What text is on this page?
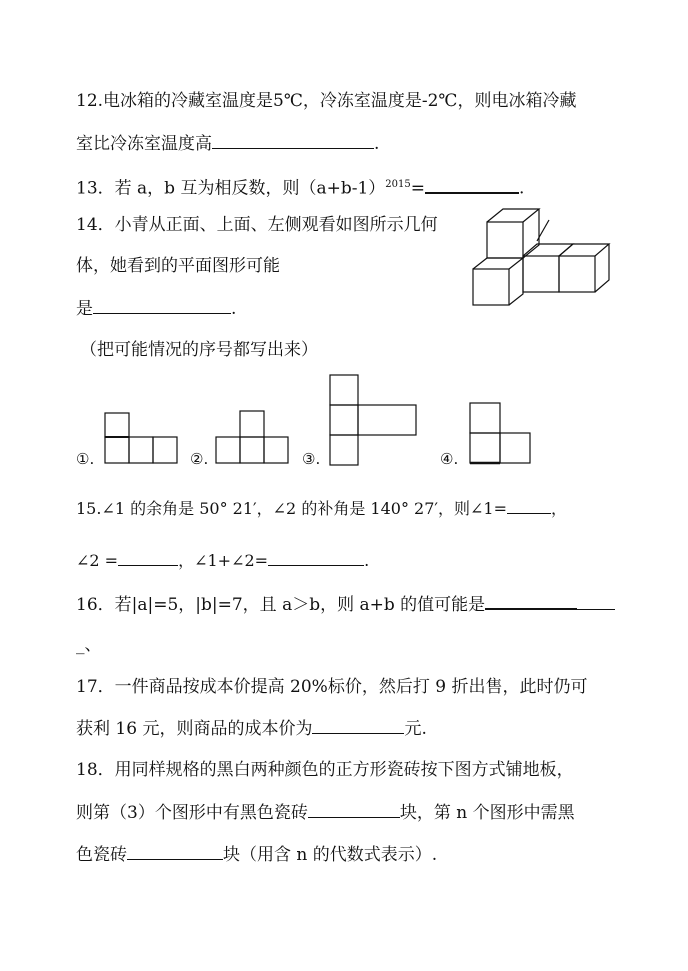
12.电冰箱的冷藏室温度是5℃，冷冻室温度是-2℃，则电冰箱冷藏
室比冷冻室温度高	.
13．若 a，b 互为相反数，则$(a+b-1)^{2015}=$	.
14．小青从正面、上面、左侧观看如图所示几何
体，她看到的平面图形可能
是	.
（把可能情况的序号都写出来）
①.	②.	③.	④.
15.∠1 的余角是 50° 21′，∠2 的补角是 140° 27′，则∠1=	，
∠2 =	，∠1+∠2=	.
16．若|a|=5，|b|=7，且 a＞b，则 a+b 的值可能是
_、
17．一件商品按成本价提高 20%标价，然后打 9 折出售，此时仍可
获利 16 元，则商品的成本价为	元.
18．用同样规格的黑白两种颜色的正方形瓷砖按下图方式铺地板，
则第（3）个图形中有黑色瓷砖	块，第 n 个图形中需黑
色瓷砖	块（用含 n 的代数式表示）.
